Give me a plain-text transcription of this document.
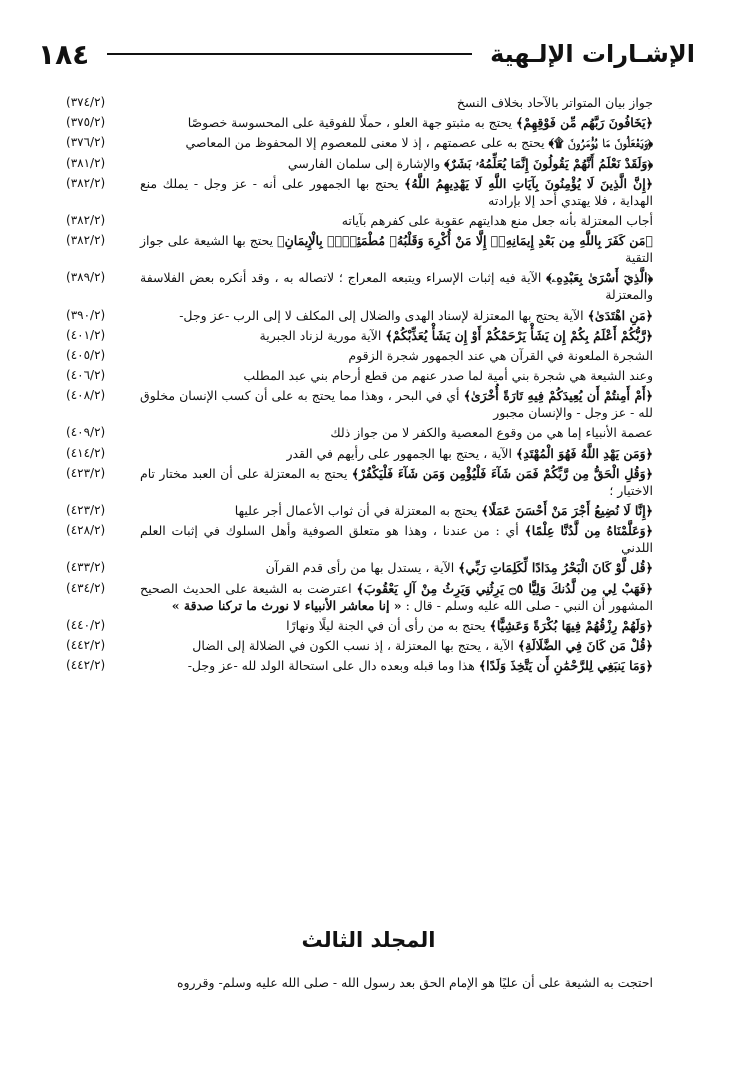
الإشـارات الإلـهية
١٨٤
جواز بيان المتواتر بالآحاد بخلاف النسخ
(٣٧٤/٢)
﴿يَخَافُونَ رَبَّهُم مِّن فَوْقِهِمْ﴾ يحتج به مثبتو جهة العلو ، حملًا للفوقية على المحسوسة خصوصًا
(٣٧٥/٢)
﴿وَيَفْعَلُونَ مَا يُؤْمَرُونَ ۩﴾ يحتج به على عصمتهم ، إذ لا معنى للمعصوم إلا المحفوظ من المعاصي
(٣٧٦/٢)
﴿وَلَقَدْ نَعْلَمُ أَنَّهُمْ يَقُولُونَ إِنَّمَا يُعَلِّمُهُۥ بَشَرٌ﴾ والإشارة إلى سلمان الفارسي
(٣٨١/٢)
﴿إِنَّ الَّذِينَ لَا يُؤْمِنُونَ بِآيَاتِ اللَّهِ لَا يَهْدِيهِمُ اللَّهُ﴾ يحتج بها الجمهور على أنه - عز وجل - يملك منع الهداية ، فلا يهتدي أحد إلا بإرادته
(٣٨٢/٢)
أجاب المعتزلة بأنه جعل منع هدايتهم عقوبة على كفرهم بآياته
(٣٨٢/٢)
﴿مَن كَفَرَ بِاللَّهِ مِن بَعْدِ إِيمَانِهِۦٓ إِلَّا مَنْ أُكْرِهَ وَقَلْبُهُۥ مُطْمَئِنٌّۢ بِالْإِيمَانِ﴾ يحتج بها الشيعة على جواز التقية
(٣٨٢/٢)
﴿الَّذِيٓ أَسْرَىٰ بِعَبْدِهِۦ﴾ الآية فيه إثبات الإسراء ويتبعه المعراج ؛ لاتصاله به ، وقد أنكره بعض الفلاسفة والمعتزلة
(٣٨٩/٢)
﴿مَنِ اهْتَدَىٰ﴾ الآية يحتج بها المعتزلة لإسناد الهدى والضلال إلى المكلف لا إلى الرب -عز وجل-
(٣٩٠/٢)
﴿رَّبُّكُمْ أَعْلَمُ بِكُمْ إِن يَشَأْ يَرْحَمْكُمْ أَوْ إِن يَشَأْ يُعَذِّبْكُمْ﴾ الآية مورية لزناد الجبرية
(٤٠١/٢)
الشجرة الملعونة في القرآن هي عند الجمهور شجرة الزقوم
(٤٠٥/٢)
وعند الشيعة هي شجرة بني أمية لما صدر عنهم من قطع أرحام بني عبد المطلب
(٤٠٦/٢)
﴿أَمْ أَمِنتُمْ أَن يُعِيدَكُمْ فِيهِ تَارَةً أُخْرَىٰ﴾ أي في البحر ، وهذا مما يحتج به على أن كسب الإنسان مخلوق لله - عز وجل - والإنسان مجبور
(٤٠٨/٢)
عصمة الأنبياء إما هي من وقوع المعصية والكفر لا من جواز ذلك
(٤٠٩/٢)
﴿وَمَن يَهْدِ اللَّهُ فَهُوَ الْمُهْتَدِ﴾ الآية ، يحتج بها الجمهور على رأيهم في القدر
(٤١٤/٢)
﴿وَقُلِ الْحَقُّ مِن رَّبِّكُمْ فَمَن شَآءَ فَلْيُؤْمِن وَمَن شَآءَ فَلْيَكْفُرْ﴾ يحتج به المعتزلة على أن العبد مختار تام الاختيار ؛
(٤٢٣/٢)
﴿إِنَّا لَا نُضِيعُ أَجْرَ مَنْ أَحْسَنَ عَمَلًا﴾ يحتج به المعتزلة في أن ثواب الأعمال أجر عليها
(٤٢٣/٢)
﴿وَعَلَّمْنَاهُ مِن لَّدُنَّا عِلْمًا﴾ أي : من عندنا ، وهذا هو متعلق الصوفية وأهل السلوك في إثبات العلم اللدني
(٤٢٨/٢)
﴿قُل لَّوْ كَانَ الْبَحْرُ مِدَادًا لِّكَلِمَاتِ رَبِّي﴾ الآية ، يستدل بها من رأى قدم القرآن
(٤٣٣/٢)
﴿فَهَبْ لِي مِن لَّدُنكَ وَلِيًّا ۝٥ يَرِثُنِي وَيَرِثُ مِنْ آلِ يَعْقُوبَ﴾ اعترضت به الشيعة على الحديث الصحيح المشهور أن النبي - صلى الله عليه وسلم - قال : « إنا معاشر الأنبياء لا نورث ما تركنا صدقة »
(٤٣٤/٢)
﴿وَلَهُمْ رِزْقُهُمْ فِيهَا بُكْرَةً وَعَشِيًّا﴾ يحتج به من رأى أن في الجنة ليلًا ونهارًا
(٤٤٠/٢)
﴿قُلْ مَن كَانَ فِي الضَّلَالَةِ﴾ الآية ، يحتج بها المعتزلة ، إذ نسب الكون في الضلالة إلى الضال
(٤٤٢/٢)
﴿وَمَا يَنبَغِي لِلرَّحْمَٰنِ أَن يَتَّخِذَ وَلَدًا﴾ هذا وما قبله وبعده دال على استحالة الولد لله -عز وجل-
(٤٤٢/٢)
المجلد الثالث
احتجت به الشيعة على أن عليًا هو الإمام الحق بعد رسول الله - صلى الله عليه وسلم- وقرروه
